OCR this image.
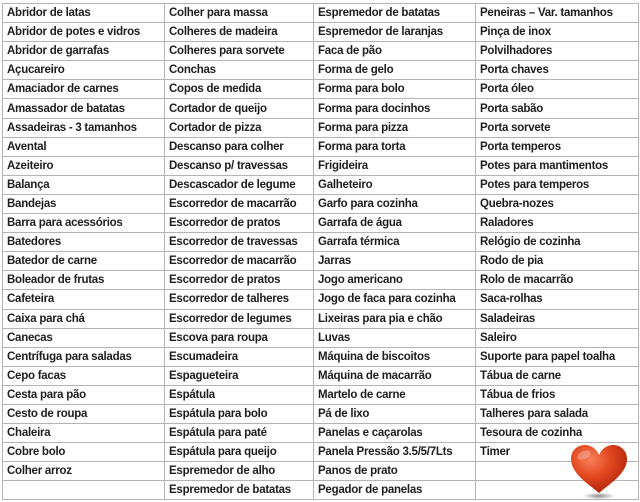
Abridor de latas	Colher para massa	Espremedor de batatas	Peneiras – Var. tamanhos
Abridor de potes e vidros	Colheres de madeira	Espremedor de laranjas	Pinça de inox
Abridor de garrafas	Colheres para sorvete	Faca de pão	Polvilhadores
Açucareiro	Conchas	Forma de gelo	Porta chaves
Amaciador de carnes	Copos de medida	Forma para bolo	Porta óleo
Amassador de batatas	Cortador de queijo	Forma para docinhos	Porta sabão
Assadeiras - 3 tamanhos	Cortador de pizza	Forma para pizza	Porta sorvete
Avental	Descanso para colher	Forma para torta	Porta temperos
Azeiteiro	Descanso p/ travessas	Frigideira	Potes para mantimentos
Balança	Descascador de legume	Galheteiro	Potes para temperos
Bandejas	Escorredor de macarrão	Garfo para cozinha	Quebra-nozes
Barra para acessórios	Escorredor de pratos	Garrafa de água	Raladores
Batedores	Escorredor de travessas	Garrafa térmica	Relógio de cozinha
Batedor de carne	Escorredor de macarrão	Jarras	Rodo de pia
Boleador de frutas	Escorredor de pratos	Jogo americano	Rolo de macarrão
Cafeteira	Escorredor de talheres	Jogo de faca para cozinha	Saca-rolhas
Caixa para chá	Escorredor de legumes	Lixeiras para pia e chão	Saladeiras
Canecas	Escova para roupa	Luvas	Saleiro
Centrífuga para saladas	Escumadeira	Máquina de biscoitos	Suporte para papel toalha
Cepo facas	Espagueteira	Máquina de macarrão	Tábua de carne
Cesta para pão	Espátula	Martelo de carne	Tábua de frios
Cesto de roupa	Espátula para bolo	Pá de lixo	Talheres para salada
Chaleira	Espátula para paté	Panelas e caçarolas	Tesoura de cozinha
Cobre bolo	Espátula para queijo	Panela Pressão 3.5/5/7Lts	Timer
Colher arroz	Espremedor de alho	Panos de prato	
	Espremedor de batatas	Pegador de panelas	
